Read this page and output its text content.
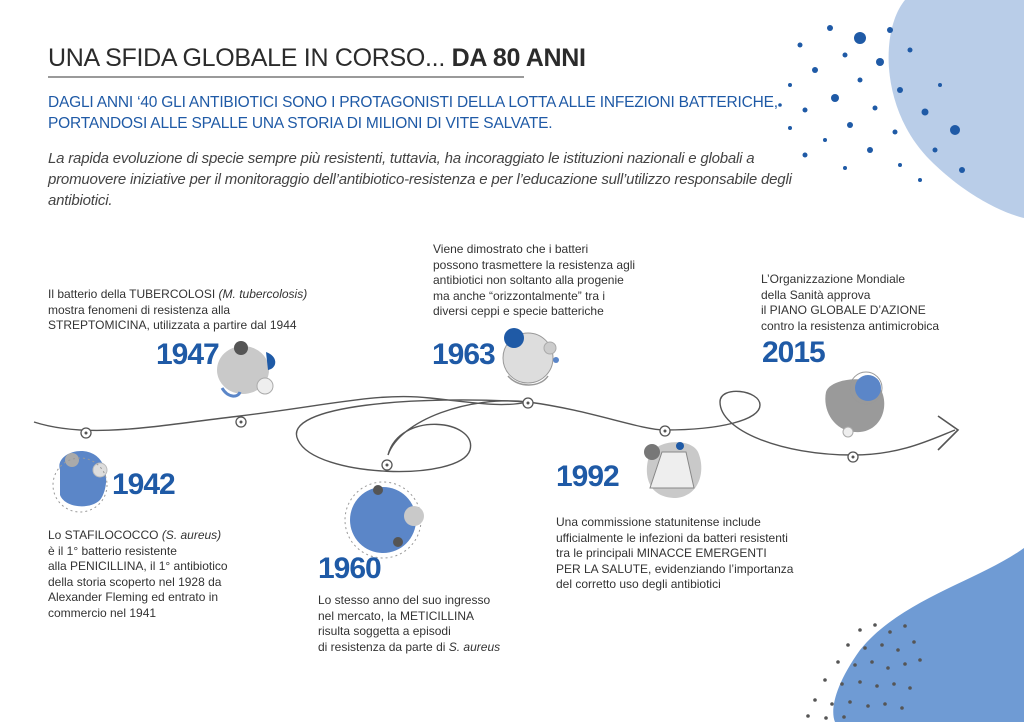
UNA SFIDA GLOBALE IN CORSO... DA 80 ANNI
DAGLI ANNI ‘40 GLI ANTIBIOTICI SONO I PROTAGONISTI DELLA LOTTA ALLE INFEZIONI BATTERICHE,
PORTANDOSI ALLE SPALLE UNA STORIA DI MILIONI DI VITE SALVATE.
La rapida evoluzione di specie sempre più resistenti, tuttavia, ha incoraggiato le istituzioni nazionali e globali a promuovere iniziative per il monitoraggio dell’antibiotico-resistenza e per l’educazione sull’utilizzo responsabile degli antibiotici.
1942
Lo STAFILOCOCCO (S. aureus)
è il 1° batterio resistente
alla PENICILLINA, il 1° antibiotico
della storia scoperto nel 1928 da
Alexander Fleming ed entrato in
commercio nel 1941
Il batterio della TUBERCOLOSI (M. tubercolosis)
mostra fenomeni di resistenza alla
STREPTOMICINA, utilizzata a partire dal 1944
1947
1960
Lo stesso anno del suo ingresso
nel mercato, la METICILLINA
risulta soggetta a episodi
di resistenza da parte di S. aureus
Viene dimostrato che i batteri
possono trasmettere la resistenza agli
antibiotici non soltanto alla progenie
ma anche “orizzontalmente” tra i
diversi ceppi e specie batteriche
1963
1992
Una commissione statunitense include
ufficialmente le infezioni da batteri resistenti
tra le principali MINACCE EMERGENTI
PER LA SALUTE, evidenziando l’importanza
del corretto uso degli antibiotici
L’Organizzazione Mondiale
della Sanità approva
il PIANO GLOBALE D’AZIONE
contro la resistenza antimicrobica
2015
